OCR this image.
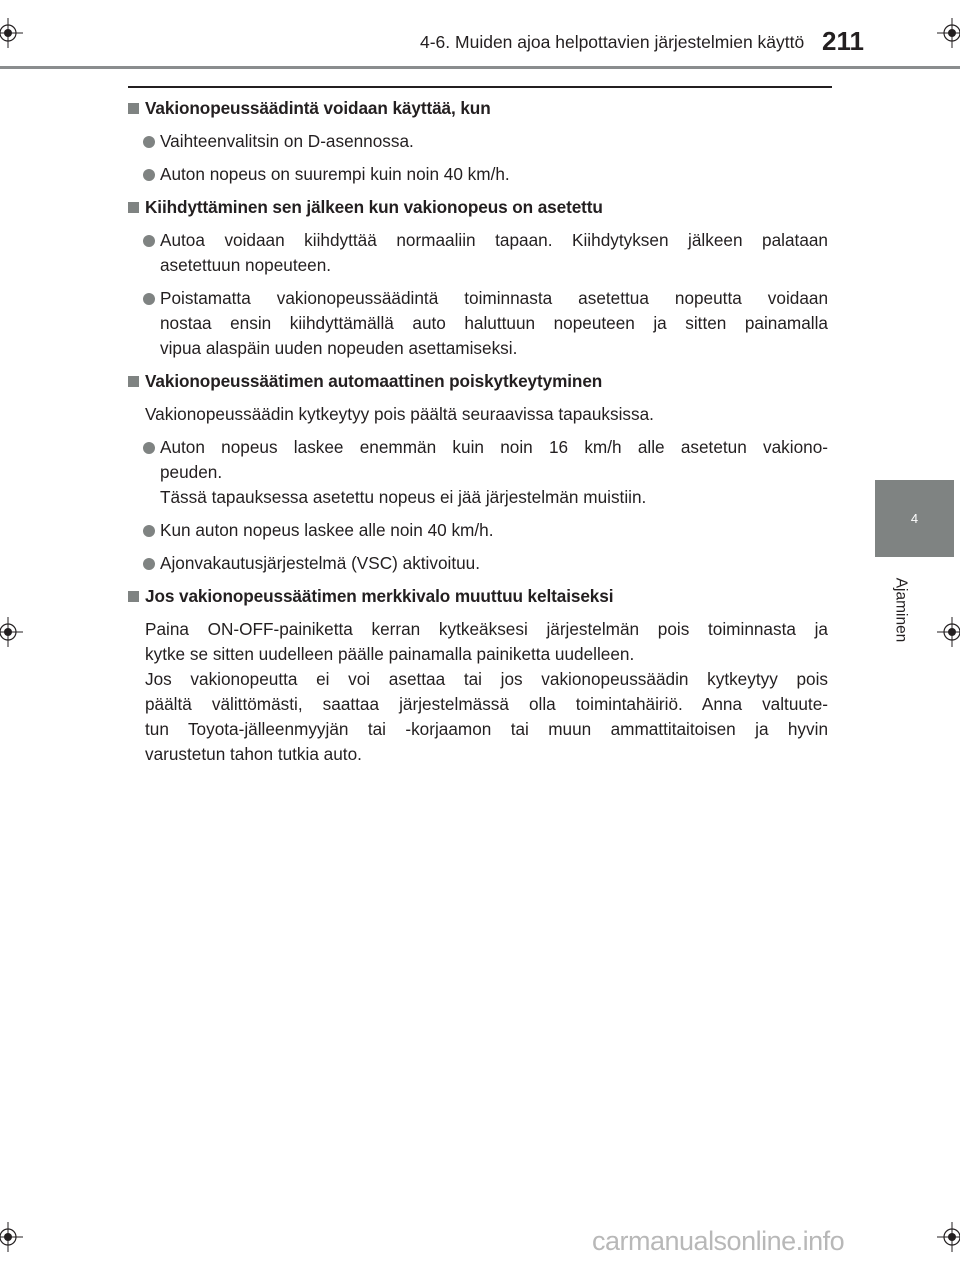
4-6. Muiden ajoa helpottavien järjestelmien käyttö 211
4
Ajaminen
Vakionopeussäädintä voidaan käyttää, kun
Vaihteenvalitsin on D-asennossa.
Auton nopeus on suurempi kuin noin 40 km/h.
Kiihdyttäminen sen jälkeen kun vakionopeus on asetettu
Autoa voidaan kiihdyttää normaaliin tapaan. Kiihdytyksen jälkeen palataan
asetettuun nopeuteen.
Poistamatta vakionopeussäädintä toiminnasta asetettua nopeutta voidaan
nostaa ensin kiihdyttämällä auto haluttuun nopeuteen ja sitten painamalla
vipua alaspäin uuden nopeuden asettamiseksi.
Vakionopeussäätimen automaattinen poiskytkeytyminen
Vakionopeussäädin kytkeytyy pois päältä seuraavissa tapauksissa.
Auton nopeus laskee enemmän kuin noin 16 km/h alle asetetun vakiono-
peuden.
Tässä tapauksessa asetettu nopeus ei jää järjestelmän muistiin.
Kun auton nopeus laskee alle noin 40 km/h.
Ajonvakautusjärjestelmä (VSC) aktivoituu.
Jos vakionopeussäätimen merkkivalo muuttuu keltaiseksi
Paina ON-OFF-painiketta kerran kytkeäksesi järjestelmän pois toiminnasta ja
kytke se sitten uudelleen päälle painamalla painiketta uudelleen.
Jos vakionopeutta ei voi asettaa tai jos vakionopeussäädin kytkeytyy pois
päältä välittömästi, saattaa järjestelmässä olla toimintahäiriö. Anna valtuute-
tun Toyota-jälleenmyyjän tai -korjaamon tai muun ammattitaitoisen ja hyvin
varustetun tahon tutkia auto.
carmanualsonline.info
